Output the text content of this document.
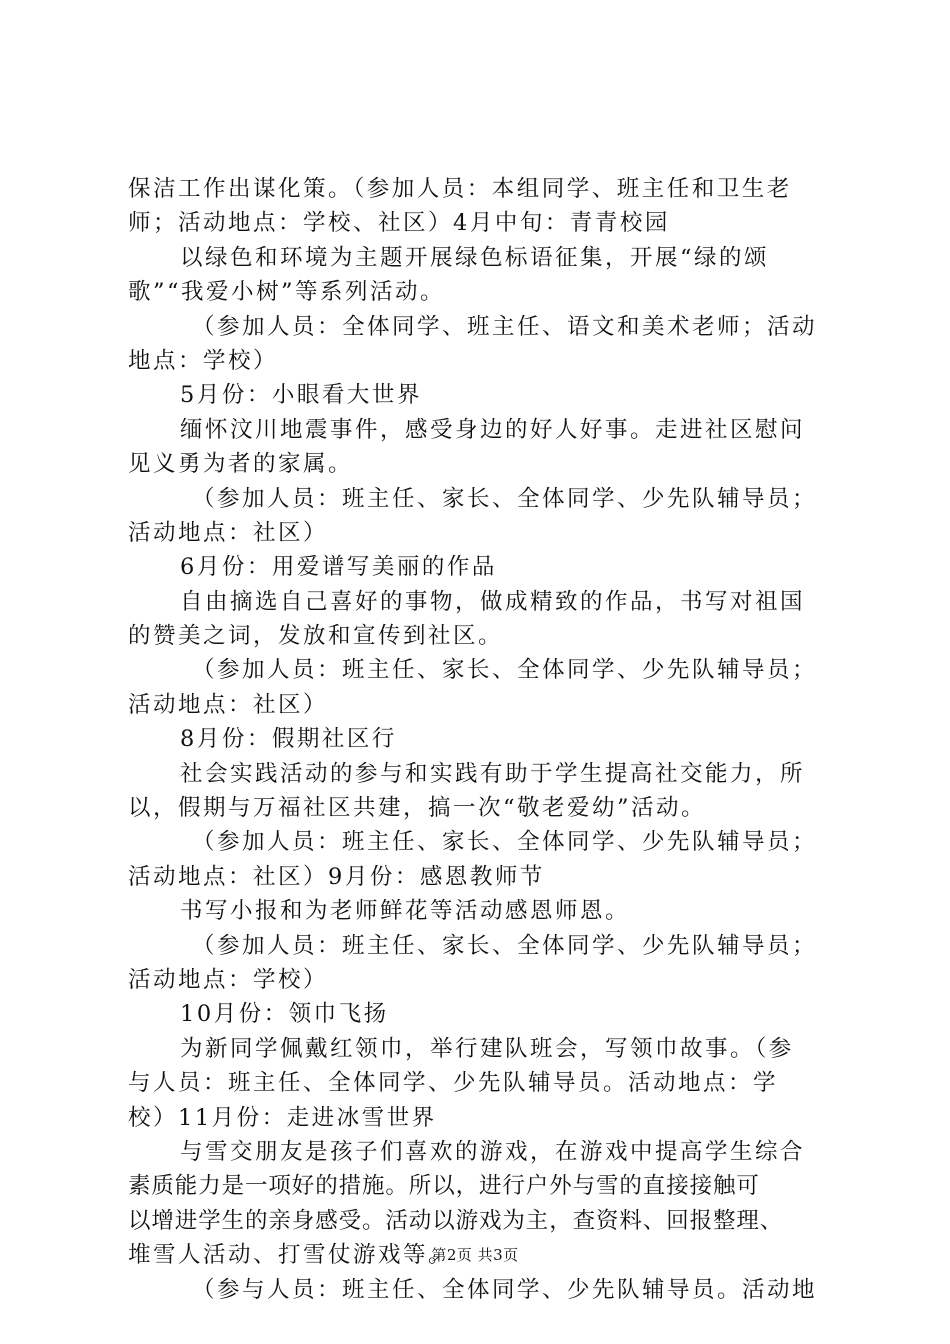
保洁工作出谋化策。（参加人员：本组同学、班主任和卫生老
师；活动地点：学校、社区）4月中旬：青青校园
以绿色和环境为主题开展绿色标语征集，开展“绿的颂
歌”“我爱小树”等系列活动。
（参加人员：全体同学、班主任、语文和美术老师；活动
地点：学校）
5月份：小眼看大世界
缅怀汶川地震事件，感受身边的好人好事。走进社区慰问
见义勇为者的家属。
（参加人员：班主任、家长、全体同学、少先队辅导员；
活动地点：社区）
6月份：用爱谱写美丽的作品
自由摘选自己喜好的事物，做成精致的作品，书写对祖国
的赞美之词，发放和宣传到社区。
（参加人员：班主任、家长、全体同学、少先队辅导员；
活动地点：社区）
8月份：假期社区行
社会实践活动的参与和实践有助于学生提高社交能力，所
以，假期与万福社区共建，搞一次“敬老爱幼”活动。
（参加人员：班主任、家长、全体同学、少先队辅导员；
活动地点：社区）9月份：感恩教师节
书写小报和为老师鲜花等活动感恩师恩。
（参加人员：班主任、家长、全体同学、少先队辅导员；
活动地点：学校）
10月份：领巾飞扬
为新同学佩戴红领巾，举行建队班会，写领巾故事。（参
与人员：班主任、全体同学、少先队辅导员。活动地点：学
校）11月份：走进冰雪世界
与雪交朋友是孩子们喜欢的游戏，在游戏中提高学生综合
素质能力是一项好的措施。所以，进行户外与雪的直接接触可
以增进学生的亲身感受。活动以游戏为主，查资料、回报整理、
堆雪人活动、打雪仗游戏等。
（参与人员：班主任、全体同学、少先队辅导员。活动地
第2页 共3页
